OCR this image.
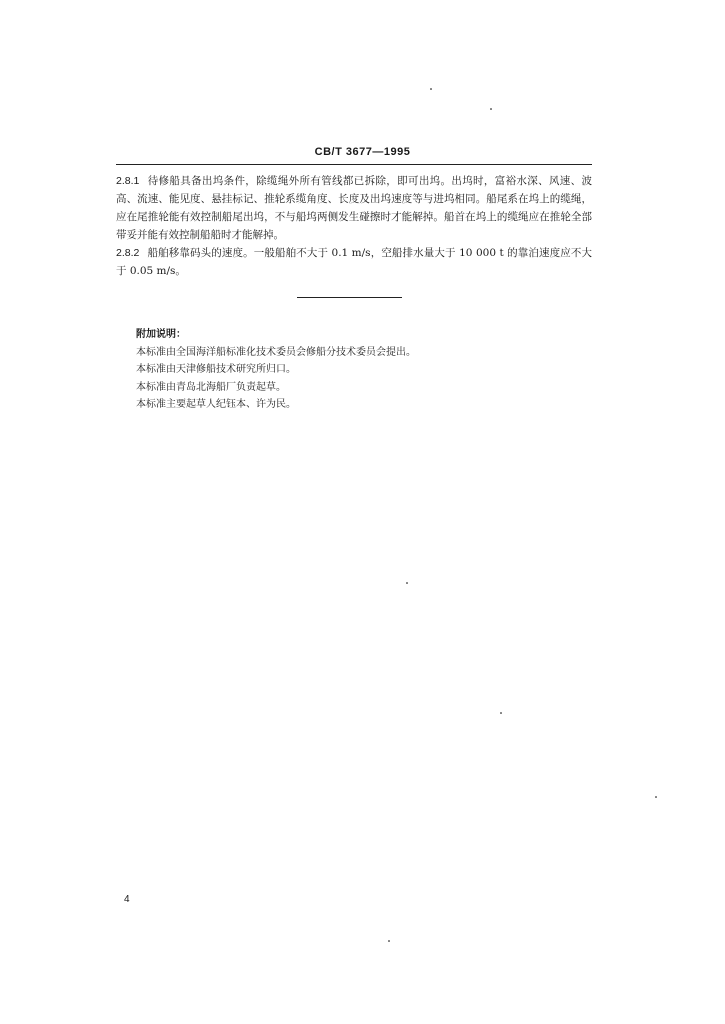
CB/T 3677—1995

2.8.1 待修船具备出坞条件，除缆绳外所有管线都已拆除，即可出坞。出坞时，富裕水深、风速、波高、流速、能见度、悬挂标记、推轮系缆角度、长度及出坞速度等与进坞相同。船尾系在坞上的缆绳，应在尾推轮能有效控制船尾出坞，不与船坞两侧发生碰擦时才能解掉。船首在坞上的缆绳应在推轮全部带妥并能有效控制船船时才能解掉。

2.8.2 船舶移靠码头的速度。一般船舶不大于 0.1 m/s，空船排水量大于 10 000 t 的靠泊速度应不大于 0.05 m/s。

附加说明：

本标准由全国海洋船标准化技术委员会修船分技术委员会提出。

本标准由天津修船技术研究所归口。

本标准由青岛北海船厂负责起草。

本标准主要起草人纪钰本、许为民。

4
